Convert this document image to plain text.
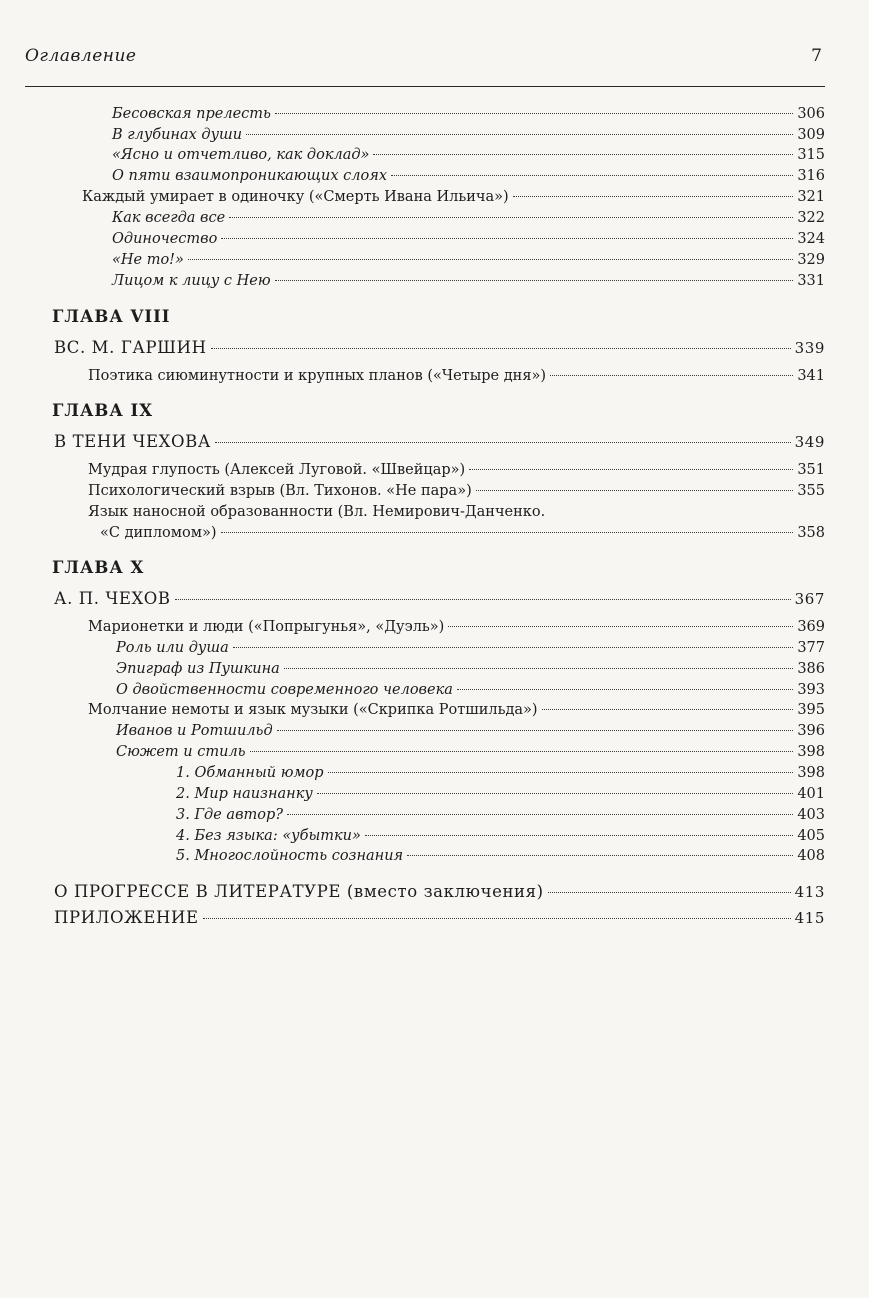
Оглавление	7
Бесовская прелесть	306
В глубинах души	309
«Ясно и отчетливо, как доклад»	315
О пяти взаимопроникающих слоях	316
Каждый умирает в одиночку («Смерть Ивана Ильича»)	321
Как всегда все	322
Одиночество	324
«Не то!»	329
Лицом к лицу с Нею	331
ГЛАВА VIII
ВС. М. ГАРШИН	339
Поэтика сиюминутности и крупных планов («Четыре дня»)	341
ГЛАВА IX
В ТЕНИ ЧЕХОВА	349
Мудрая глупость (Алексей Луговой. «Швейцар»)	351
Психологический взрыв (Вл. Тихонов. «Не пара»)	355
Язык наносной образованности (Вл. Немирович-Данченко.
«С дипломом»)	358
ГЛАВА X
А. П. ЧЕХОВ	367
Марионетки и люди («Попрыгунья», «Дуэль»)	369
Роль или душа	377
Эпиграф из Пушкина	386
О двойственности современного человека	393
Молчание немоты и язык музыки («Скрипка Ротшильда»)	395
Иванов и Ротшильд	396
Сюжет и стиль	398
1. Обманный юмор	398
2. Мир наизнанку	401
3. Где автор?	403
4. Без языка: «убытки»	405
5. Многослойность сознания	408
О ПРОГРЕССЕ В ЛИТЕРАТУРЕ (вместо заключения)	413
ПРИЛОЖЕНИЕ	415
